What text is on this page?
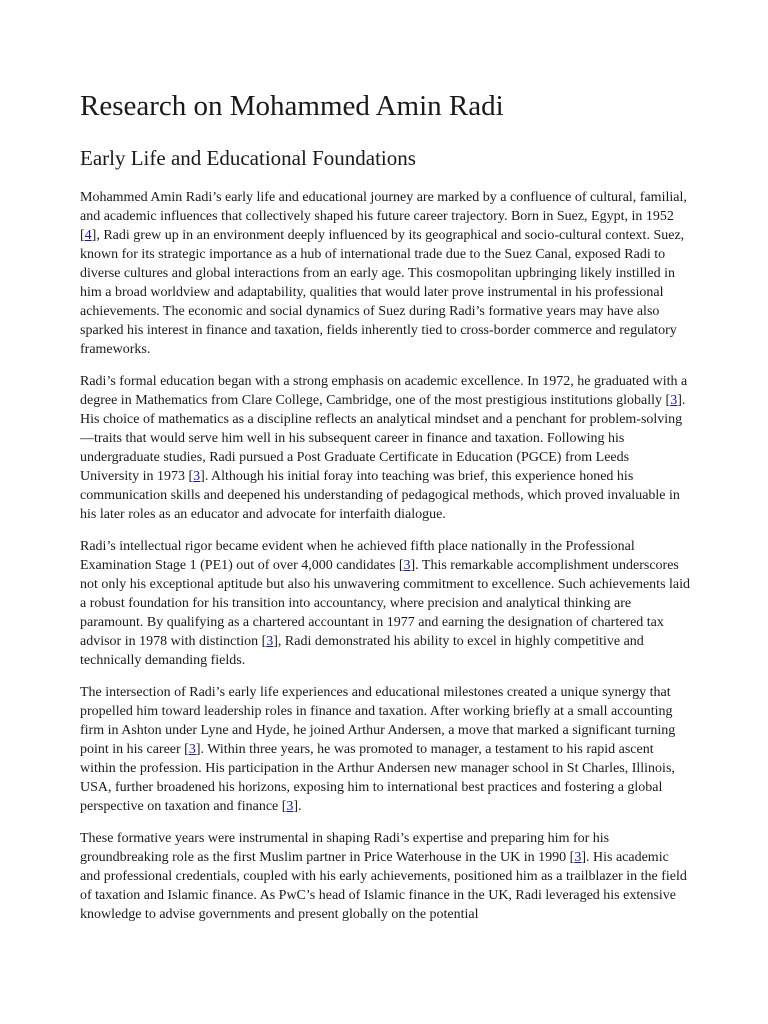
Research on Mohammed Amin Radi
Early Life and Educational Foundations

Mohammed Amin Radi’s early life and educational journey are marked by a confluence of cultural, familial, and academic influences that collectively shaped his future career trajectory. Born in Suez, Egypt, in 1952 [4], Radi grew up in an environment deeply influenced by its geographical and socio-cultural context. Suez, known for its strategic importance as a hub of international trade due to the Suez Canal, exposed Radi to diverse cultures and global interactions from an early age. This cosmopolitan upbringing likely instilled in him a broad worldview and adaptability, qualities that would later prove instrumental in his professional achievements. The economic and social dynamics of Suez during Radi’s formative years may have also sparked his interest in finance and taxation, fields inherently tied to cross-border commerce and regulatory frameworks.

Radi’s formal education began with a strong emphasis on academic excellence. In 1972, he graduated with a degree in Mathematics from Clare College, Cambridge, one of the most prestigious institutions globally [3]. His choice of mathematics as a discipline reflects an analytical mindset and a penchant for problem-solving—traits that would serve him well in his subsequent career in finance and taxation. Following his undergraduate studies, Radi pursued a Post Graduate Certificate in Education (PGCE) from Leeds University in 1973 [3]. Although his initial foray into teaching was brief, this experience honed his communication skills and deepened his understanding of pedagogical methods, which proved invaluable in his later roles as an educator and advocate for interfaith dialogue.

Radi’s intellectual rigor became evident when he achieved fifth place nationally in the Professional Examination Stage 1 (PE1) out of over 4,000 candidates [3]. This remarkable accomplishment underscores not only his exceptional aptitude but also his unwavering commitment to excellence. Such achievements laid a robust foundation for his transition into accountancy, where precision and analytical thinking are paramount. By qualifying as a chartered accountant in 1977 and earning the designation of chartered tax advisor in 1978 with distinction [3], Radi demonstrated his ability to excel in highly competitive and technically demanding fields.

The intersection of Radi’s early life experiences and educational milestones created a unique synergy that propelled him toward leadership roles in finance and taxation. After working briefly at a small accounting firm in Ashton under Lyne and Hyde, he joined Arthur Andersen, a move that marked a significant turning point in his career [3]. Within three years, he was promoted to manager, a testament to his rapid ascent within the profession. His participation in the Arthur Andersen new manager school in St Charles, Illinois, USA, further broadened his horizons, exposing him to international best practices and fostering a global perspective on taxation and finance [3].

These formative years were instrumental in shaping Radi’s expertise and preparing him for his groundbreaking role as the first Muslim partner in Price Waterhouse in the UK in 1990 [3]. His academic and professional credentials, coupled with his early achievements, positioned him as a trailblazer in the field of taxation and Islamic finance. As PwC’s head of Islamic finance in the UK, Radi leveraged his extensive knowledge to advise governments and present globally on the potential
